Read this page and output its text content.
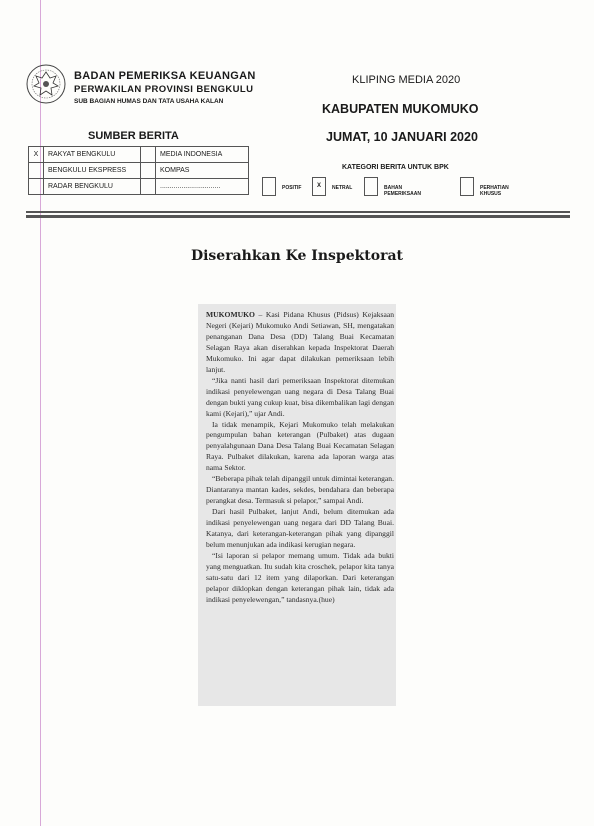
BADAN PEMERIKSA KEUANGAN
PERWAKILAN PROVINSI BENGKULU
SUB BAGIAN HUMAS DAN TATA USAHA KALAN
KLIPING MEDIA 2020
KABUPATEN MUKOMUKO
JUMAT, 10 JANUARI 2020
SUMBER BERITA
X	RAKYAT BENGKULU		MEDIA INDONESIA
	BENGKULU EKSPRESS		KOMPAS
	RADAR BENGKULU		...............................
KATEGORI BERITA UNTUK BPK
POSITIF	X	NETRAL	BAHAN PEMERIKSAAN
PERHATIAN KHUSUS
Diserahkan Ke Inspektorat

MUKOMUKO – Kasi Pidana Khusus (Pidsus) Kejaksaan Negeri (Kejari) Mukomuko Andi Setiawan, SH, mengatakan penanganan Dana Desa (DD) Talang Buai Kecamatan Selagan Raya akan diserahkan kepada Inspektorat Daerah Mukomuko. Ini agar dapat dilakukan pemeriksaan lebih lanjut.

“Jika nanti hasil dari pemeriksaan Inspektorat ditemukan indikasi penyelewengan uang negara di Desa Talang Buai dengan bukti yang cukup kuat, bisa dikembalikan lagi dengan kami (Kejari),” ujar Andi.

Ia tidak menampik, Kejari Mukomuko telah melakukan pengumpulan bahan keterangan (Pulbaket) atas dugaan penyalahgunaan Dana Desa Talang Buai Kecamatan Selagan Raya. Pulbaket dilakukan, karena ada laporan warga atas nama Sektor.

“Beberapa pihak telah dipanggil untuk dimintai keterangan. Diantaranya mantan kades, sekdes, bendahara dan beberapa perangkat desa. Termasuk si pelapor,” sampai Andi.

Dari hasil Pulbaket, lanjut Andi, belum ditemukan ada indikasi penyelewengan uang negara dari DD Talang Buai. Katanya, dari keterangan-keterangan pihak yang dipanggil belum menunjukan ada indikasi kerugian negara.

“Isi laporan si pelapor memang umum. Tidak ada bukti yang menguatkan. Itu sudah kita croschek, pelapor kita tanya satu-satu dari 12 item yang dilaporkan. Dari keterangan pelapor diklopkan dengan keterangan pihak lain, tidak ada indikasi penyelewengan,” tandasnya.(hue)
